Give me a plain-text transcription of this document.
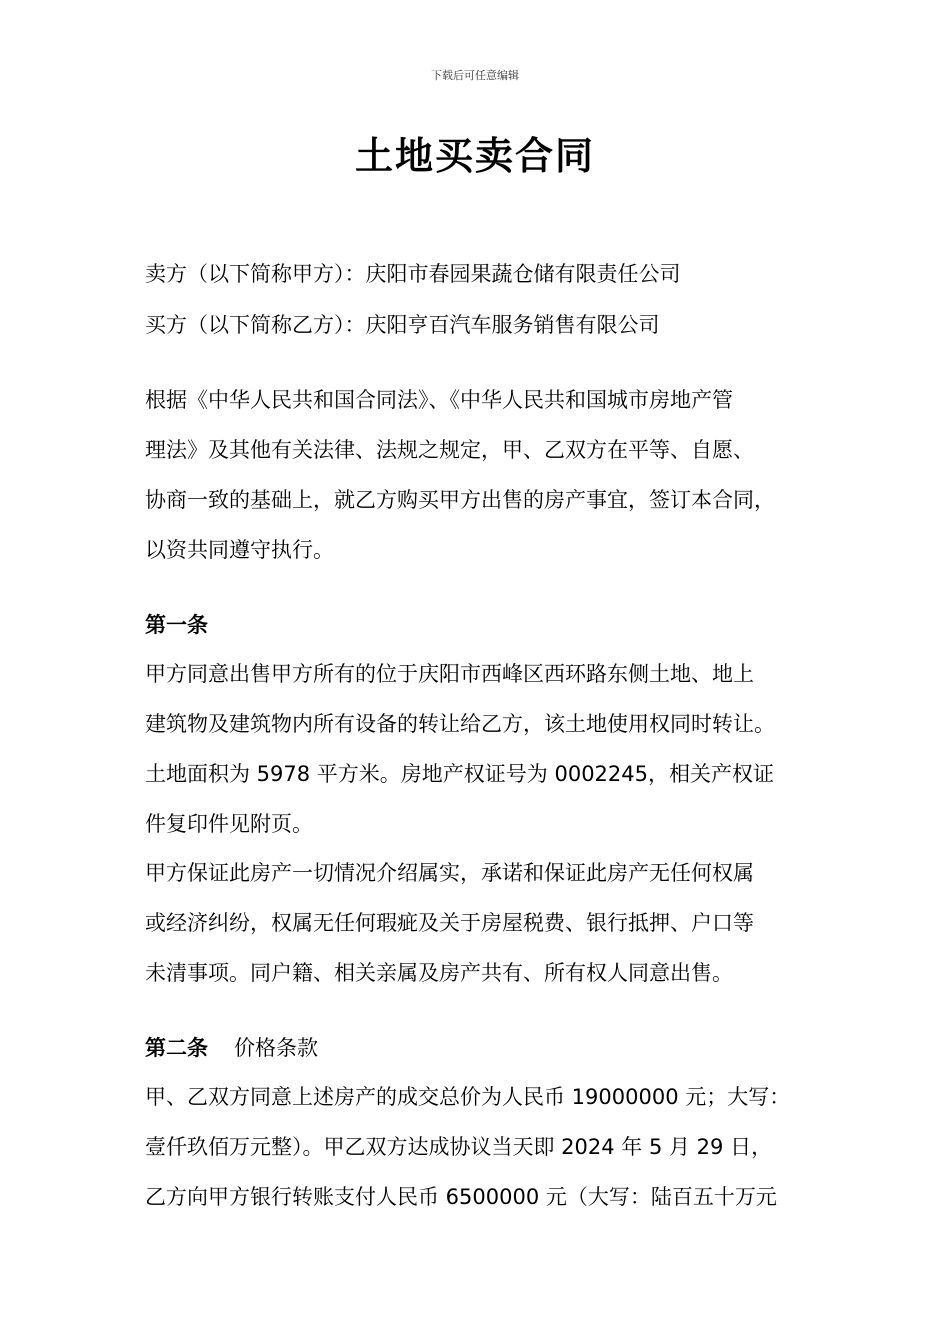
下载后可任意编辑
土地买卖合同
卖方（以下简称甲方）：庆阳市春园果蔬仓储有限责任公司
买方（以下简称乙方）：庆阳亨百汽车服务销售有限公司
根据《中华人民共和国合同法》、《中华人民共和国城市房地产管
理法》及其他有关法律、法规之规定，甲、乙双方在平等、自愿、
协商一致的基础上，就乙方购买甲方出售的房产事宜，签订本合同，
以资共同遵守执行。
第一条
甲方同意出售甲方所有的位于庆阳市西峰区西环路东侧土地、地上
建筑物及建筑物内所有设备的转让给乙方，该土地使用权同时转让。
土地面积为 5978 平方米。房地产权证号为 0002245，相关产权证
件复印件见附页。
甲方保证此房产一切情况介绍属实，承诺和保证此房产无任何权属
或经济纠纷，权属无任何瑕疵及关于房屋税费、银行抵押、户口等
未清事项。同户籍、相关亲属及房产共有、所有权人同意出售。
第二条 价格条款
甲、乙双方同意上述房产的成交总价为人民币 19000000 元；大写：
壹仟玖佰万元整）。甲乙双方达成协议当天即 2024 年 5 月 29 日，
乙方向甲方银行转账支付人民币 6500000 元（大写：陆百五十万元
